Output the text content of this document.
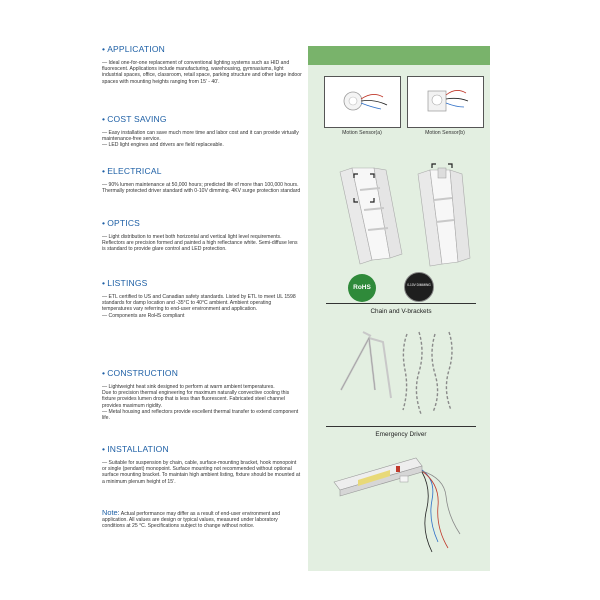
• APPLICATION

— Ideal one-for-one replacement of conventional lighting systems such as HID and fluorescent. Applications include manufacturing, warehousing, gymnasiums, light industrial spaces, office, classroom, retail space, parking structure and other large indoor spaces with mounting heights ranging from 15’ - 40’.

• COST SAVING

— Easy installation can save much more time and labor cost and it can provide virtually maintenance-free service.

— LED light engines and drivers are field replaceable.

• ELECTRICAL

— 90% lumen maintenance at 50,000 hours; predicted life of more than 100,000 hours. Thermally protected driver standard with 0-10V dimming. 4KV surge protection standard

• OPTICS

— Light distribution to meet both horizontal and vertical light level requirements. Reflectors are precision formed and painted a high reflectance white. Semi-diffuse lens is standard to provide glare control and LED protection.

• LISTINGS

— ETL certified to US and Canadian safety standards. Listed by ETL to meet UL 1598 standards for damp location and -35°C to 40°C ambient. Ambient operating temperatures vary referring to end-user environment and application.

— Components are RoHS compliant

• CONSTRUCTION

— Lightweight heat sink designed to perform at warm ambient temperatures.

Due to precision thermal engineering for maximum naturally convective cooling this fixture provides lumen drop that is less than fluorescent. Fabricated steel channel provides maximum rigidity.

— Metal housing and reflectors provide excellent thermal transfer to extend component life.

• INSTALLATION

— Suitable for suspension by chain, cable, surface-mounting bracket, hook monopoint or single (pendant) monopoint. Surface mounting not recommended without optional surface mounting bracket. To maintain high ambient listing, fixture should be mounted at a minimum plenum height of 15’.

Note: Actual performance may differ as a result of end-user environment and application. All values are design or typical values, measured under laboratory conditions at 25 °C. Specifications subject to change without notice.
Motion Sensor(a)	Motion Sensor(b)
RoHS	0-10V DIMMING
Chain and V-brackets
Emergency Driver
